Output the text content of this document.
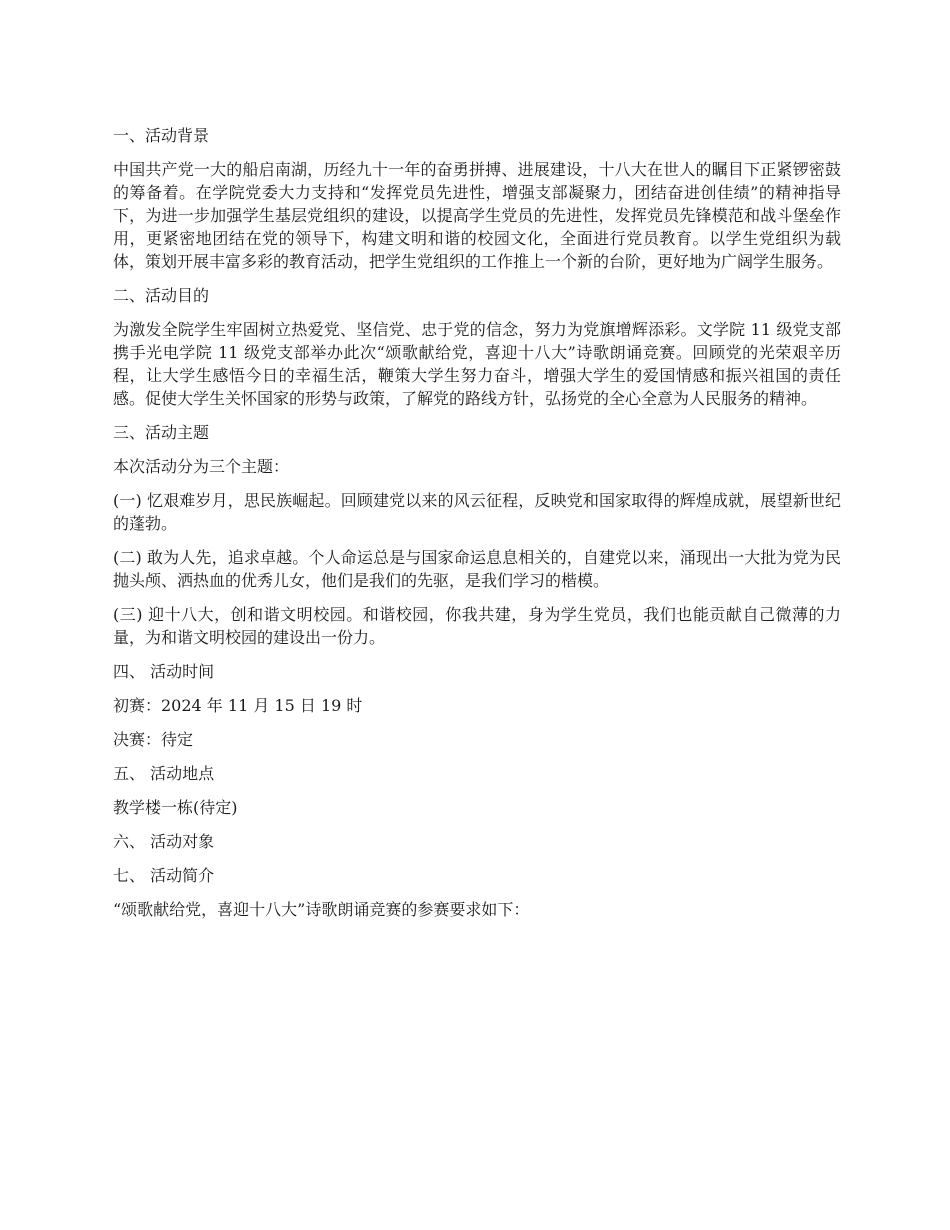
一、活动背景

中国共产党一大的船启南湖，历经九十一年的奋勇拼搏、进展建设，十八大在世人的瞩目下正紧锣密鼓的筹备着。在学院党委大力支持和“发挥党员先进性，增强支部凝聚力，团结奋进创佳绩”的精神指导下，为进一步加强学生基层党组织的建设，以提高学生党员的先进性，发挥党员先锋模范和战斗堡垒作用，更紧密地团结在党的领导下，构建文明和谐的校园文化，全面进行党员教育。以学生党组织为载体，策划开展丰富多彩的教育活动，把学生党组织的工作推上一个新的台阶，更好地为广阔学生服务。

二、活动目的

为激发全院学生牢固树立热爱党、坚信党、忠于党的信念，努力为党旗增辉添彩。文学院 11 级党支部携手光电学院 11 级党支部举办此次“颂歌献给党，喜迎十八大”诗歌朗诵竞赛。回顾党的光荣艰辛历程，让大学生感悟今日的幸福生活，鞭策大学生努力奋斗，增强大学生的爱国情感和振兴祖国的责任感。促使大学生关怀国家的形势与政策，了解党的路线方针，弘扬党的全心全意为人民服务的精神。

三、活动主题

本次活动分为三个主题：

(一) 忆艰难岁月，思民族崛起。回顾建党以来的风云征程，反映党和国家取得的辉煌成就，展望新世纪的蓬勃。

(二) 敢为人先，追求卓越。个人命运总是与国家命运息息相关的，自建党以来，涌现出一大批为党为民抛头颅、洒热血的优秀儿女，他们是我们的先驱，是我们学习的楷模。

(三) 迎十八大，创和谐文明校园。和谐校园，你我共建，身为学生党员，我们也能贡献自己微薄的力量，为和谐文明校园的建设出一份力。

四、 活动时间

初赛：2024 年 11 月 15 日 19 时

决赛：待定

五、 活动地点

教学楼一栋(待定)

六、 活动对象

七、 活动简介

“颂歌献给党，喜迎十八大”诗歌朗诵竞赛的参赛要求如下：
